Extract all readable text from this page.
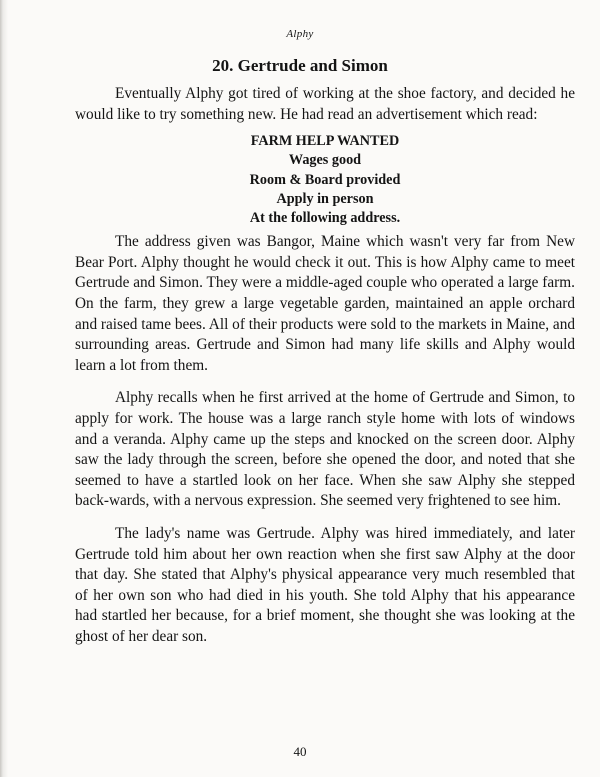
Alphy
20. Gertrude and Simon

Eventually Alphy got tired of working at the shoe factory, and decided he would like to try something new. He had read an advertisement which read:

FARM HELP WANTED
Wages good
Room & Board provided
Apply in person
At the following address.

The address given was Bangor, Maine which wasn't very far from New Bear Port. Alphy thought he would check it out. This is how Alphy came to meet Gertrude and Simon. They were a middle-aged couple who operated a large farm. On the farm, they grew a large vegetable garden, maintained an apple orchard and raised tame bees. All of their products were sold to the markets in Maine, and surrounding areas. Gertrude and Simon had many life skills and Alphy would learn a lot from them.

Alphy recalls when he first arrived at the home of Gertrude and Simon, to apply for work. The house was a large ranch style home with lots of windows and a veranda. Alphy came up the steps and knocked on the screen door. Alphy saw the lady through the screen, before she opened the door, and noted that she seemed to have a startled look on her face. When she saw Alphy she stepped back-wards, with a nervous expression. She seemed very frightened to see him.

The lady's name was Gertrude. Alphy was hired immediately, and later Gertrude told him about her own reaction when she first saw Alphy at the door that day. She stated that Alphy's physical appearance very much resembled that of her own son who had died in his youth. She told Alphy that his appearance had startled her because, for a brief moment, she thought she was looking at the ghost of her dear son.

40
